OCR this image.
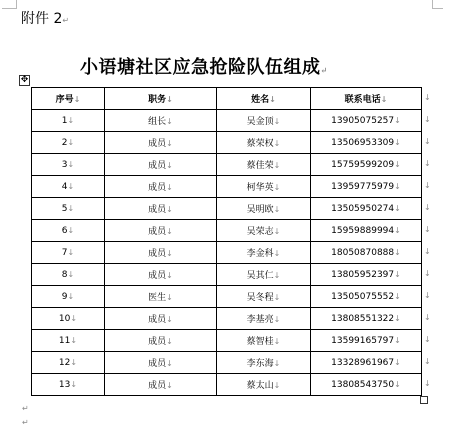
附件 2↵
小语塘社区应急抢险队伍组成↵
✥
序号↓	职务↓	姓名↓	联系电话↓
1↓	组长↓	吴金顶↓	13905075257↓
2↓	成员↓	蔡荣权↓	13506953309↓
3↓	成员↓	蔡佳荣↓	15759599209↓
4↓	成员↓	柯华英↓	13959775979↓
5↓	成员↓	吴明欧↓	13505950274↓
6↓	成员↓	吴荣志↓	15959889994↓
7↓	成员↓	李金科↓	18050870888↓
8↓	成员↓	吴其仁↓	13805952397↓
9↓	医生↓	吴冬程↓	13505075552↓
10↓	成员↓	李基亮↓	13808551322↓
11↓	成员↓	蔡智桂↓	13599165797↓
12↓	成员↓	李东海↓	13328961967↓
13↓	成员↓	蔡太山↓	13808543750↓
↓
↓
↓
↓
↓
↓
↓
↓
↓
↓
↓
↓
↓
↓
↵
↵
